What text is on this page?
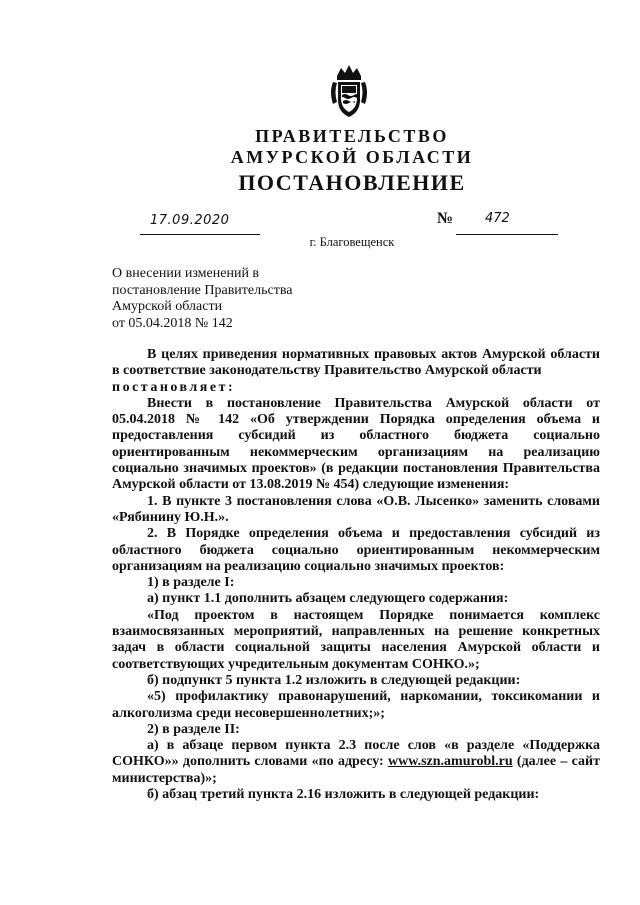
ПРАВИТЕЛЬСТВО
АМУРСКОЙ ОБЛАСТИ
ПОСТАНОВЛЕНИЕ
17.09.2020	№ 472
г. Благовещенск
О внесении изменений в
постановление Правительства
Амурской области
от 05.04.2018 № 142

В целях приведения нормативных правовых актов Амурской области в соответствие законодательству Правительство Амурской области

постановляет:

Внести в постановление Правительства Амурской области от 05.04.2018 № 142 «Об утверждении Порядка определения объема и предоставления субсидий из областного бюджета социально ориентированным некоммерческим организациям на реализацию социально значимых проектов» (в редакции постановления Правительства Амурской области от 13.08.2019 № 454) следующие изменения:

1. В пункте 3 постановления слова «О.В. Лысенко» заменить словами «Рябинину Ю.Н.».

2. В Порядке определения объема и предоставления субсидий из областного бюджета социально ориентированным некоммерческим организациям на реализацию социально значимых проектов:

1) в разделе I:

а) пункт 1.1 дополнить абзацем следующего содержания:

«Под проектом в настоящем Порядке понимается комплекс взаимосвязанных мероприятий, направленных на решение конкретных задач в области социальной защиты населения Амурской области и соответствующих учредительным документам СОНКО.»;

б) подпункт 5 пункта 1.2 изложить в следующей редакции:

«5) профилактику правонарушений, наркомании, токсикомании и алкоголизма среди несовершеннолетних;»;

2) в разделе II:

а) в абзаце первом пункта 2.3 после слов «в разделе «Поддержка СОНКО»» дополнить словами «по адресу: www.szn.amurobl.ru (далее – сайт министерства)»;

б) абзац третий пункта 2.16 изложить в следующей редакции:
